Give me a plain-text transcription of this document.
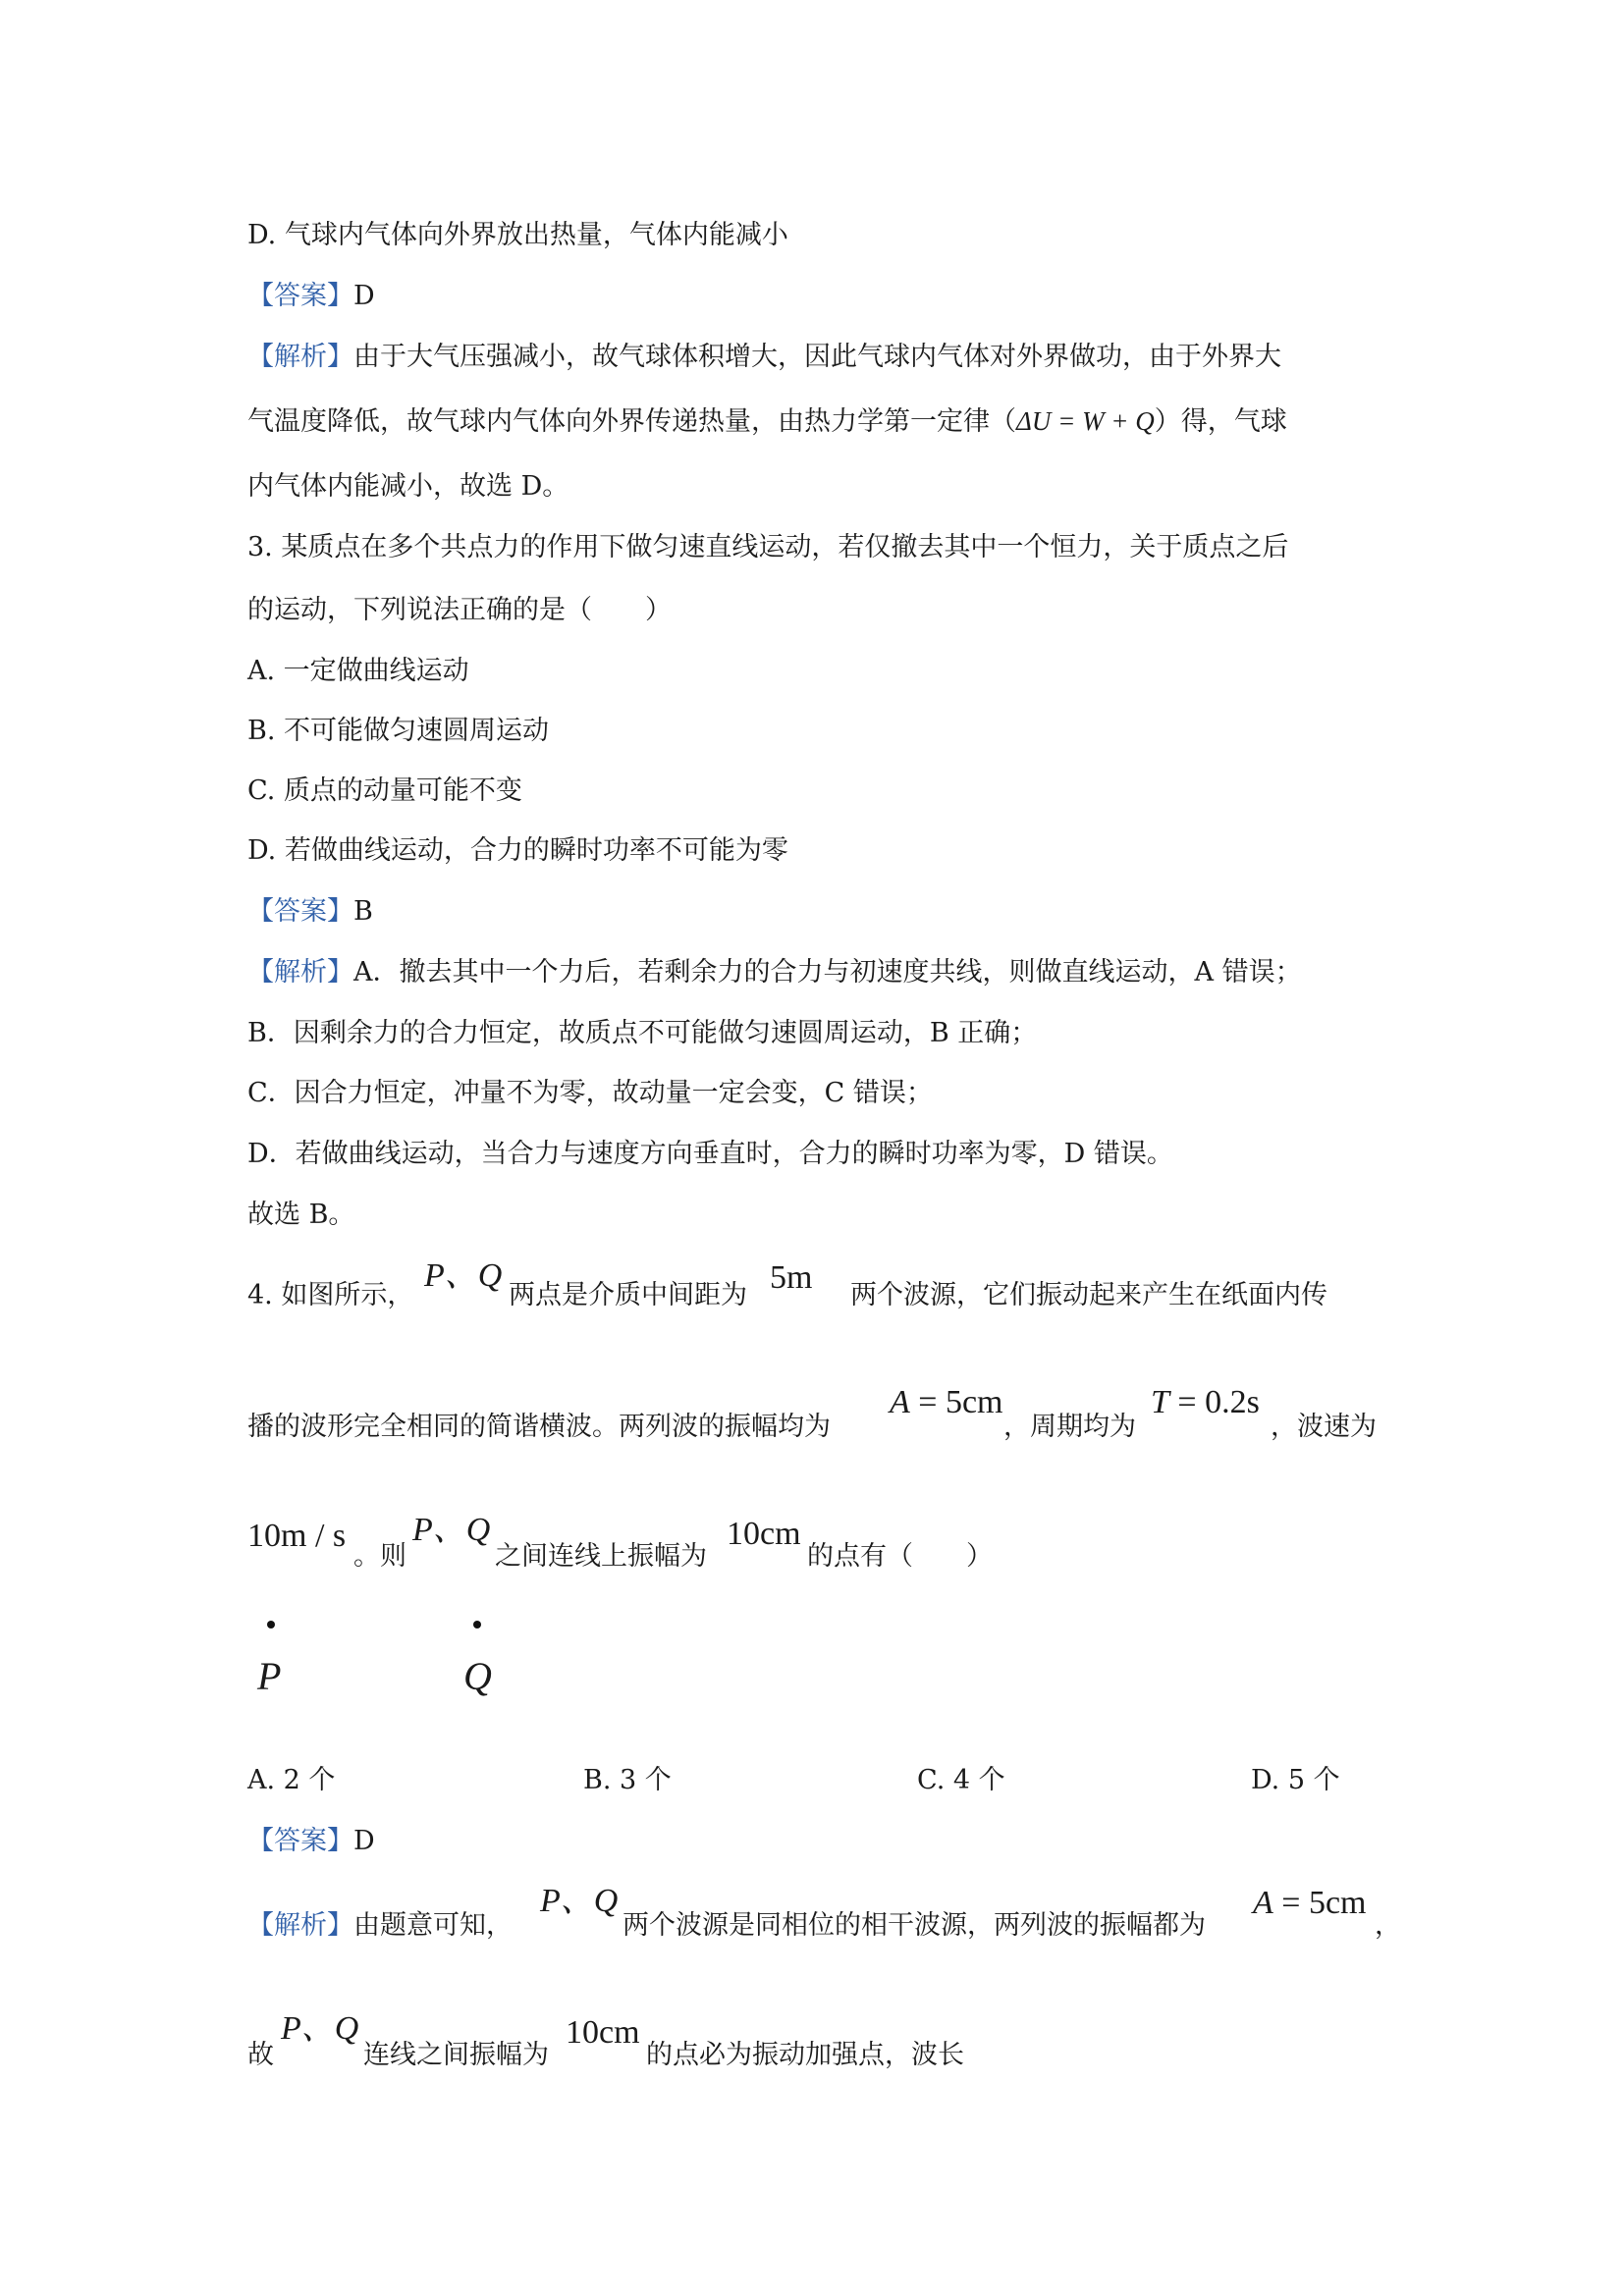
D. 气球内气体向外界放出热量，气体内能减小
【答案】D
【解析】由于大气压强减小，故气球体积增大，因此气球内气体对外界做功，由于外界大
气温度降低，故气球内气体向外界传递热量，由热力学第一定律（ΔU = W + Q）得，气球
内气体内能减小，故选 D。
3. 某质点在多个共点力的作用下做匀速直线运动，若仅撤去其中一个恒力，关于质点之后
的运动，下列说法正确的是（　　）
A. 一定做曲线运动
B. 不可能做匀速圆周运动
C. 质点的动量可能不变
D. 若做曲线运动，合力的瞬时功率不可能为零
【答案】B
【解析】A．撤去其中一个力后，若剩余力的合力与初速度共线，则做直线运动，A 错误；
B．因剩余力的合力恒定，故质点不可能做匀速圆周运动，B 正确；
C．因合力恒定，冲量不为零，故动量一定会变，C 错误；
D．若做曲线运动，当合力与速度方向垂直时，合力的瞬时功率为零，D 错误。
故选 B。
4. 如图所示，
P、Q
两点是介质中间距为 5m 两个波源，它们振动起来产生在纸面内传
播的波形完全相同的简谐横波。两列波的振幅均为
A = 5cm
，周期均为
T = 0.2s
，波速为
10m / s
。则
P、Q
之间连线上振幅为
10cm
的点有（　　）
P	Q
A. 2 个	B. 3 个	C. 4 个	D. 5 个
【答案】D
【解析】由题意可知，
P、Q
两个波源是同相位的相干波源，两列波的振幅都为
A = 5cm
，
故
P、Q
连线之间振幅为
10cm
的点必为振动加强点，波长
